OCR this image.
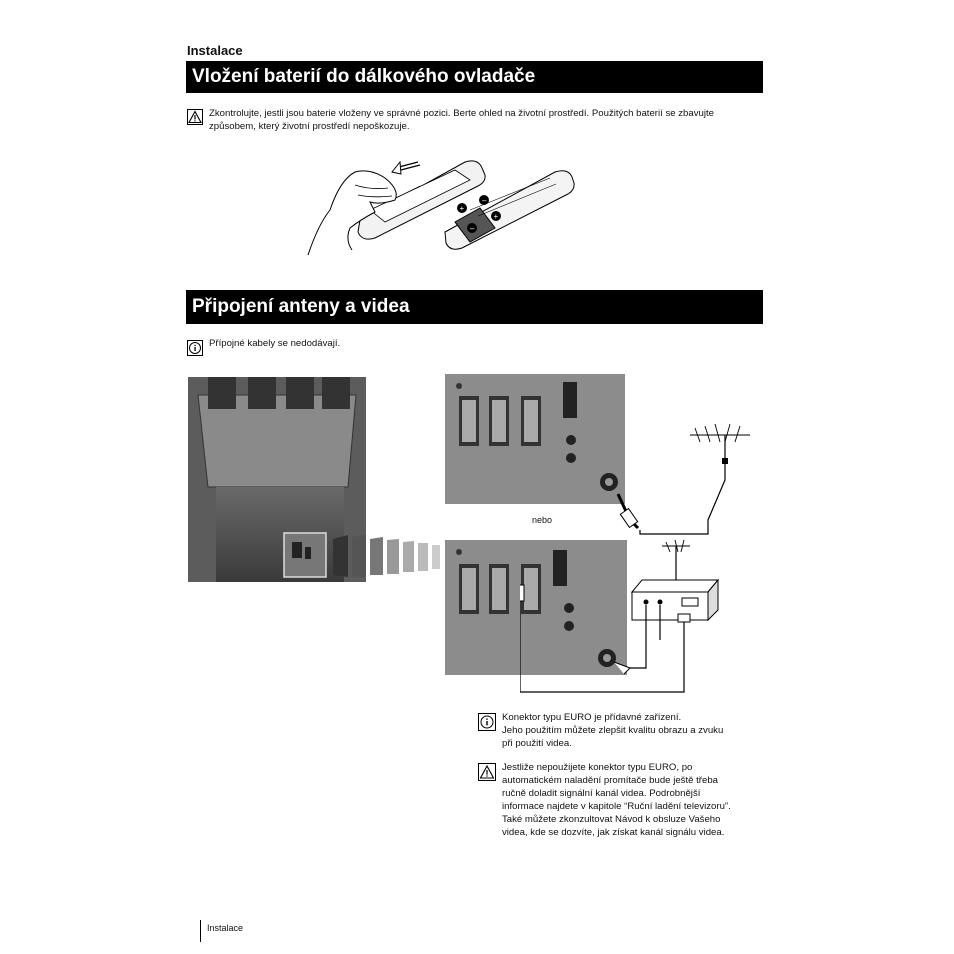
Instalace
Vložení baterií do dálkového ovladače
Zkontrolujte, jestli jsou baterie vloženy ve správné pozici. Berte ohled na životní prostředí. Použitých baterií se zbavujte
způsobem, který životní prostředí nepoškozuje.
+
–
–
+
Připojení anteny a videa
Přípojné kabely se nedodávají.
nebo
Konektor typu EURO je přídavné zařízení.
Jeho použitím můžete zlepšit kvalitu obrazu a zvuku
při použití videa.
Jestliže nepoužijete konektor typu EURO, po
automatickém naladění promítače bude ještě třeba
ručně doladit signální kanál videa. Podrobnější
informace najdete v kapitole “Ruční ladění televizoru”.
Také můžete zkonzultovat Návod k obsluze Vašeho
videa, kde se dozvíte, jak získat kanál signálu videa.
Instalace
